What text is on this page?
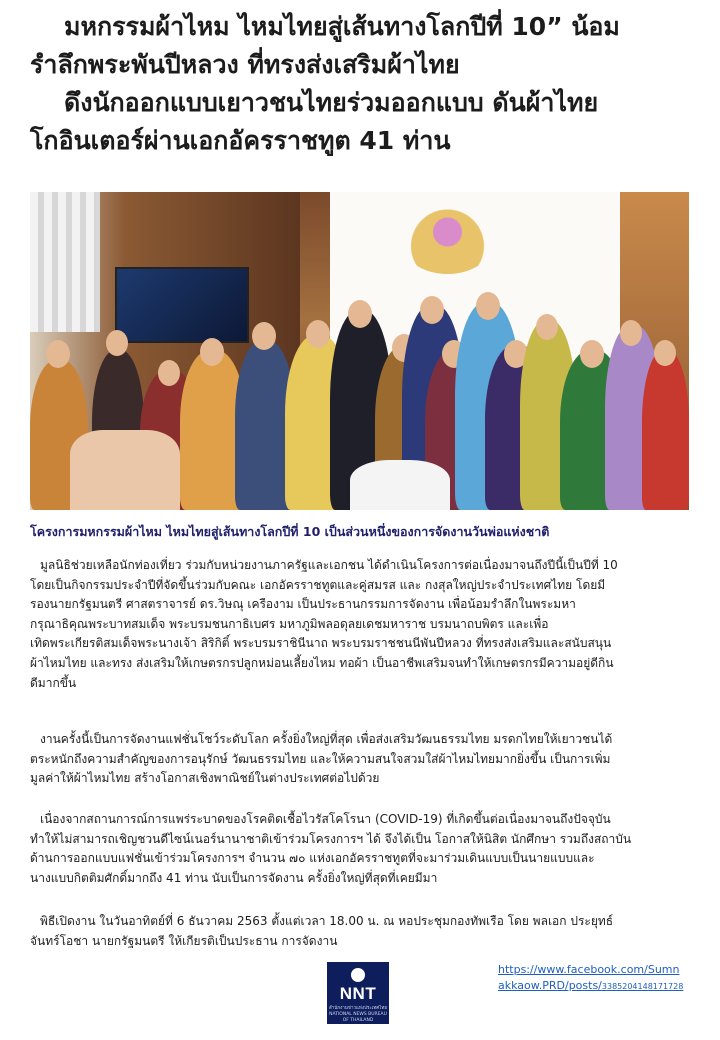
มหกรรมผ้าไหม ไหมไทยสู่เส้นทางโลกปีที่ 10” น้อม
รำลึกพระพันปีหลวง ที่ทรงส่งเสริมผ้าไทย
ดึงนักออกแบบเยาวชนไทยร่วมออกแบบ ดันผ้าไทย
โกอินเตอร์ผ่านเอกอัครราชทูต 41 ท่าน
โครงการมหกรรมผ้าไหม ไหมไทยสู่เส้นทางโลกปีที่ 10 เป็นส่วนหนึ่งของการจัดงานวันพ่อแห่งชาติ
มูลนิธิช่วยเหลือนักท่องเที่ยว ร่วมกับหน่วยงานภาครัฐและเอกชน ได้ดำเนินโครงการต่อเนื่องมาจนถึงปีนี้เป็นปีที่ 10
โดยเป็นกิจกรรมประจำปีที่จัดขึ้นร่วมกับคณะ เอกอัครราชทูตและคู่สมรส และ กงสุลใหญ่ประจำประเทศไทย โดยมี
รองนายกรัฐมนตรี ศาสตราจารย์ ดร.วิษณุ เครืองาม เป็นประธานกรรมการจัดงาน เพื่อน้อมรำลึกในพระมหา
กรุณาธิคุณพระบาทสมเด็จ พระบรมชนกาธิเบศร มหาภูมิพลอดุลยเดชมหาราช บรมนาถบพิตร และเพื่อ
เทิดพระเกียรติสมเด็จพระนางเจ้า สิริกิติ์ พระบรมราชินีนาถ พระบรมราชชนนีพันปีหลวง ที่ทรงส่งเสริมและสนับสนุน
ผ้าไหมไทย และทรง ส่งเสริมให้เกษตรกรปลูกหม่อนเลี้ยงไหม ทอผ้า เป็นอาชีพเสริมจนทำให้เกษตรกรมีความอยู่ดีกิน
ดีมากขึ้น
งานครั้งนี้เป็นการจัดงานแฟชั่นโชว์ระดับโลก ครั้งยิ่งใหญ่ที่สุด เพื่อส่งเสริมวัฒนธรรมไทย มรดกไทยให้เยาวชนได้
ตระหนักถึงความสำคัญของการอนุรักษ์ วัฒนธรรมไทย และให้ความสนใจสวมใส่ผ้าไหมไทยมากยิ่งขึ้น เป็นการเพิ่ม
มูลค่าให้ผ้าไหมไทย สร้างโอกาสเชิงพาณิชย์ในต่างประเทศต่อไปด้วย
เนื่องจากสถานการณ์การแพร่ระบาดของโรคติดเชื้อไวรัสโคโรนา (COVID-19) ที่เกิดขึ้นต่อเนื่องมาจนถึงปัจจุบัน
ทำให้ไม่สามารถเชิญชวนดีไซน์เนอร์นานาชาติเข้าร่วมโครงการฯ ได้ จึงได้เป็น โอกาสให้นิสิต นักศึกษา รวมถึงสถาบัน
ด้านการออกแบบแฟชั่นเข้าร่วมโครงการฯ จำนวน ๗๐ แห่งเอกอัครราชทูตที่จะมาร่วมเดินแบบเป็นนายแบบและ
นางแบบกิตติมศักดิ์มากถึง 41 ท่าน นับเป็นการจัดงาน ครั้งยิ่งใหญ่ที่สุดที่เคยมีมา
พิธีเปิดงาน ในวันอาทิตย์ที่ 6 ธันวาคม 2563 ตั้งแต่เวลา 18.00 น. ณ หอประชุมกองทัพเรือ โดย พลเอก ประยุทธ์
จันทร์โอชา นายกรัฐมนตรี ให้เกียรติเป็นประธาน การจัดงาน
NNT
สำนักงานข่าวแห่งประเทศไทย NATIONAL NEWS BUREAU OF THAILAND
https://www.facebook.com/Sumn
akkaow.PRD/posts/3385204148171728
